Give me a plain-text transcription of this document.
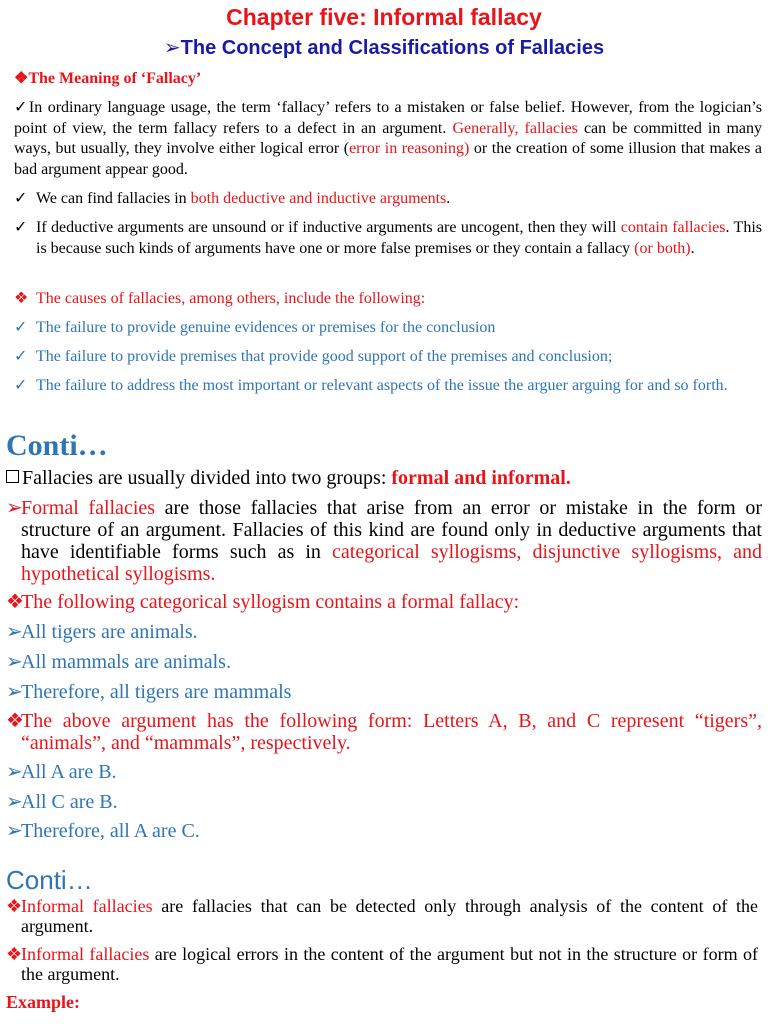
Chapter five: Informal fallacy
➢The Concept and Classifications of Fallacies
❖The Meaning of ‘Fallacy’
✓In ordinary language usage, the term ‘fallacy’ refers to a mistaken or false belief. However, from the logician’s point of view, the term fallacy refers to a defect in an argument. Generally, fallacies can be committed in many ways, but usually, they involve either logical error (error in reasoning) or the creation of some illusion that makes a bad argument appear good.
✓ We can find fallacies in both deductive and inductive arguments.
✓ If deductive arguments are unsound or if inductive arguments are uncogent, then they will contain fallacies. This is because such kinds of arguments have one or more false premises or they contain a fallacy (or both).
❖ The causes of fallacies, among others, include the following:
✓ The failure to provide genuine evidences or premises for the conclusion
✓ The failure to provide premises that provide good support of the premises and conclusion;
✓ The failure to address the most important or relevant aspects of the issue the arguer arguing for and so forth.
Conti…
Fallacies are usually divided into two groups: formal and informal.
➢
Formal fallacies are those fallacies that arise from an error or mistake in the form or structure of an argument. Fallacies of this kind are found only in deductive arguments that have identifiable forms such as in categorical syllogisms, disjunctive syllogisms, and hypothetical syllogisms.
❖
The following categorical syllogism contains a formal fallacy:
➢
All tigers are animals.
➢
All mammals are animals.
➢
Therefore, all tigers are mammals
❖
The above argument has the following form: Letters A, B, and C represent “tigers”, “animals”, and “mammals”, respectively.
➢
All A are B.
➢
All C are B.
➢
Therefore, all A are C.
Conti…
❖
Informal fallacies are fallacies that can be detected only through analysis of the content of the argument.
❖
Informal fallacies are logical errors in the content of the argument but not in the structure or form of the argument.
Example:
